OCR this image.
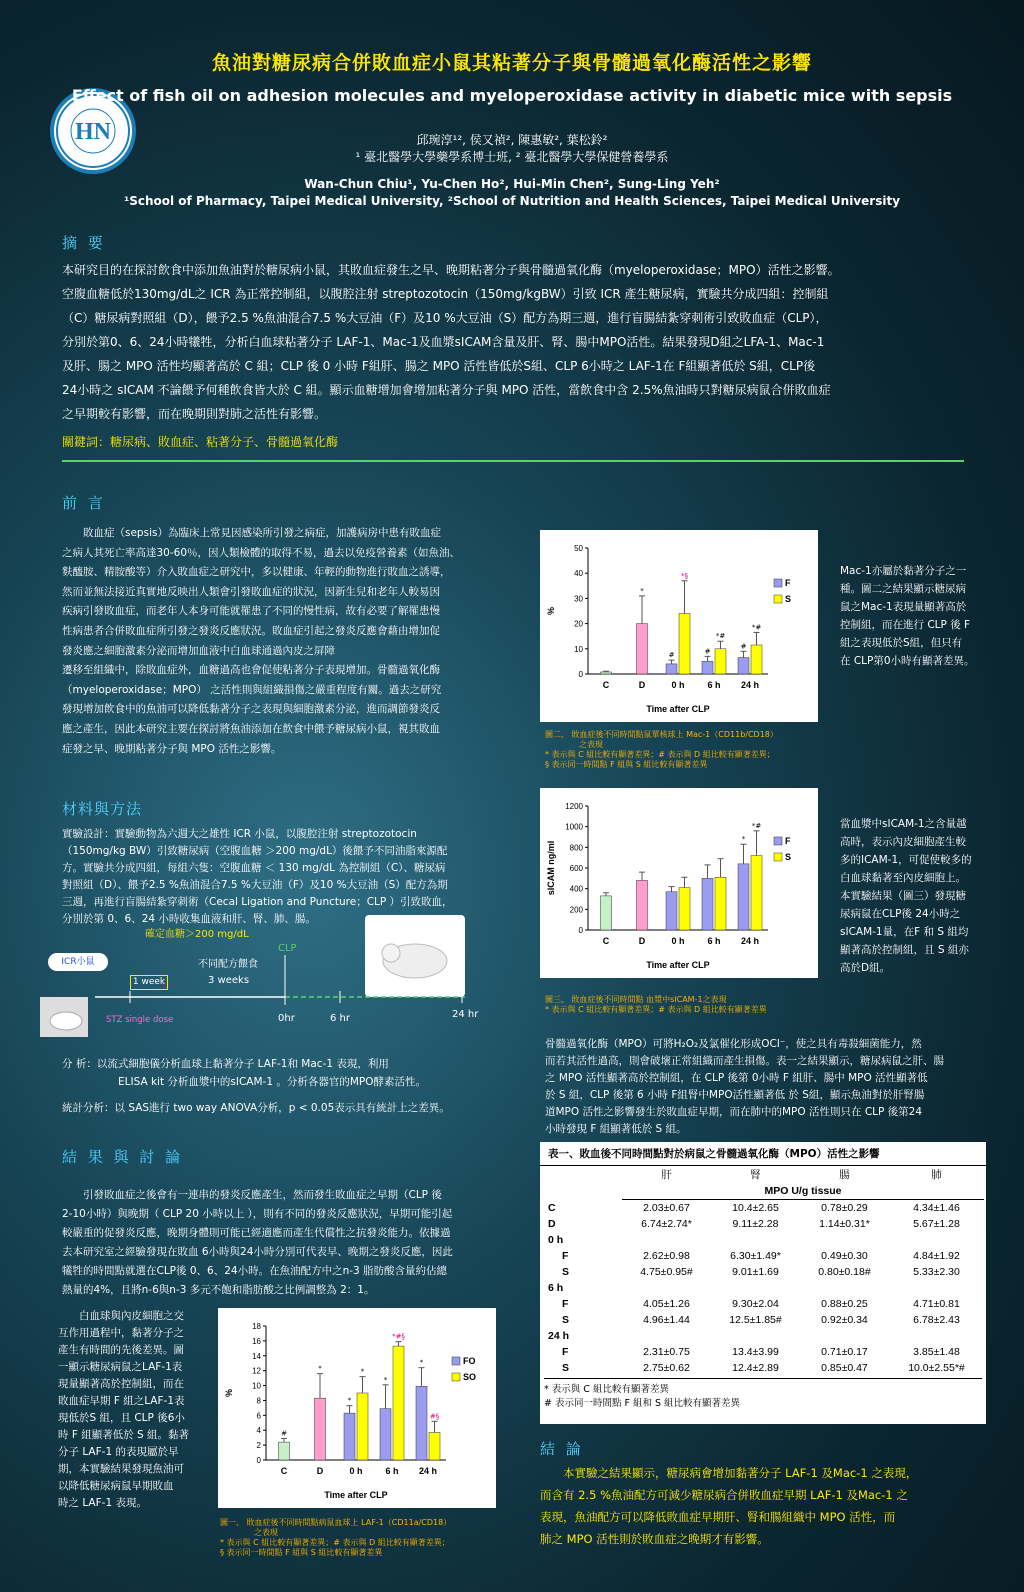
HN
魚油對糖尿病合併敗血症小鼠其粘著分子與骨髓過氧化酶活性之影響
Effect of fish oil on adhesion molecules and myeloperoxidase activity in diabetic mice with sepsis
邱琬淳¹², 侯又禎², 陳惠敏², 葉松鈴²
¹ 臺北醫學大學藥學系博士班, ² 臺北醫學大學保健營養學系
Wan-Chun Chiu¹, Yu-Chen Ho², Hui-Min Chen², Sung-Ling Yeh²
¹School of Pharmacy, Taipei Medical University, ²School of Nutrition and Health Sciences, Taipei Medical University
摘 要
本研究目的在探討飲食中添加魚油對於糖尿病小鼠，其敗血症發生之早、晚期粘著分子與骨髓過氧化酶（myeloperoxidase；MPO）活性之影響。
空腹血糖低於130mg/dL之 ICR 為正常控制組，以腹腔注射 streptozotocin（150mg/kgBW）引致 ICR 產生糖尿病，實驗共分成四組：控制組
（C）糖尿病對照組（D），餵予2.5 %魚油混合7.5 %大豆油（F）及10 %大豆油（S）配方為期三週，進行盲腸結紮穿刺術引致敗血症（CLP），
分別於第0、6、24小時犧牲，分析白血球粘著分子 LAF-1、Mac-1及血漿sICAM含量及肝、腎、腸中MPO活性。結果發現D組之LFA-1、Mac-1
及肝、腸之 MPO 活性均顯著高於 C 組；CLP 後 0 小時 F組肝、腸之 MPO 活性皆低於S組、CLP 6小時之 LAF-1在 F組顯著低於 S組，CLP後
24小時之 sICAM 不論餵予何種飲食皆大於 C 組。顯示血糖增加會增加粘著分子與 MPO 活性，當飲食中含 2.5%魚油時只對糖尿病鼠合併敗血症
之早期較有影響，而在晚期則對肺之活性有影響。
關鍵詞：糖尿病、敗血症、粘著分子、骨髓過氧化酶
前 言
　　敗血症（sepsis）為臨床上常見因感染所引發之病症，加護病房中患有敗血症
之病人其死亡率高達30-60％，因人類檢體的取得不易，過去以免疫營養素（如魚油、
麩醯胺、精胺酸等）介入敗血症之研究中，多以健康、年輕的動物進行敗血之誘導，
然而並無法接近真實地反映出人類會引發敗血症的狀況，因新生兒和老年人較易因
疾病引發敗血症，而老年人本身可能就罹患了不同的慢性病，故有必要了解罹患慢
性病患者合併敗血症所引發之發炎反應狀況。敗血症引起之發炎反應會藉由增加促
發炎應之細胞激素分泌而增加血液中白血球通過內皮之屏障
遷移至組織中，除敗血症外，血糖過高也會促使粘著分子表現增加。骨髓過氧化酶
（myeloperoxidase；MPO） 之活性則與組織損傷之嚴重程度有關。過去之研究
發現增加飲食中的魚油可以降低黏著分子之表現與細胞激素分泌，進而調節發炎反
應之產生，因此本研究主要在探討將魚油添加在飲食中餵予糖尿病小鼠，視其敗血
症發之早、晚期粘著分子與 MPO 活性之影響。
材料與方法
實驗設計：實驗動物為六週大之雄性 ICR 小鼠，以腹腔注射 streptozotocin
（150mg/kg BW）引致糖尿病（空腹血糖 ＞200 mg/dL）後餵予不同油脂來源配
方。實驗共分成四組，每組六隻：空腹血糖 ＜ 130 mg/dL 為控制組（C）、糖尿病
對照組（D）、餵予2.5 %魚油混合7.5 %大豆油（F）及10 %大豆油（S）配方為期
三週，再進行盲腸結紮穿刺術（Cecal Ligation and Puncture；CLP ）引致敗血，
分別於第 0、6、24 小時收集血液和肝、腎、肺、腸。
確定血糖＞200 mg/dL
ICR小鼠
1 week
不同配方餵食
3 weeks
CLP
STZ single dose	0hr	6 hr	24 hr
分 析：以流式細胞儀分析血球上黏著分子 LAF-1和 Mac-1 表現，利用
ELISA kit 分析血漿中的sICAM-1 。分析各器官的MPO酵素活性。
統計分析：以 SAS進行 two way ANOVA分析，p < 0.05表示具有統計上之差異。
結 果 與 討 論
　　引發敗血症之後會有一連串的發炎反應產生，然而發生敗血症之早期（CLP 後
2-10小時）與晚期（ CLP 20 小時以上 ），則有不同的發炎反應狀況，早期可能引起
較嚴重的促發炎反應，晚期身體則可能已經適應而產生代償性之抗發炎能力。依據過
去本研究室之經驗發現在敗血 6小時與24小時分別可代表早、晚期之發炎反應，因此
犧牲的時間點就選在CLP後 0、6、24小時。在魚油配方中之n-3 脂肪酸含量約佔總
熱量的4%，且將n-6與n-3 多元不飽和脂肪酸之比例調整為 2：1。
　　白血球與內皮細胞之交
互作用過程中，黏著分子之
產生有時間的先後差異。圖
一顯示糖尿病鼠之LAF-1表
現量顯著高於控制組，而在
敗血症早期 F 組之LAF-1表
現低於S 組，且 CLP 後6小
時 F 組顯著低於 S 組。黏著
分子 LAF-1 的表現屬於早
期，本實驗結果發現魚油可
以降低糖尿病鼠早期敗血
時之 LAF-1 表現。
0
2
4
6
8
10
12
14
16
18
%
Time after CLP
C
#
D
*
0 h
*
*
6 h
*
*#§
24 h
*
#§
FO
SO
圖一、 敗血症後不同時間點病鼠血球上 LAF-1（CD11a/CD18）
之表現
* 表示與 C 組比較有顯著差異；# 表示與 D 組比較有顯著差異；
§ 表示同一時間點 F 組與 S 組比較有顯著差異
0
10
20
30
40
50
%
Time after CLP
C	D
*
0 h
#
*§
6 h
#
*#
24 h
#
*#
F
S
圖二、 敗血症後不同時間點鼠單核球上 Mac-1（CD11b/CD18）
之表現
* 表示與 C 組比較有顯著差異；# 表示與 D 組比較有顯著差異；
§ 表示同一時間點 F 組與 S 組比較有顯著差異
Mac-1亦屬於黏著分子之一
種。圖二之結果顯示糖尿病
鼠之Mac-1表現量顯著高於
控制組，而在進行 CLP 後 F
組之表現低於S組，但只有
在 CLP第0小時有顯著差異。
0
200
400
600
800
1000
1200
sICAM ng/ml
Time after CLP
C	D	0 h	6 h 24 h
*
*#
F
S
圖三、 敗血症後不同時間點 血漿中sICAM-1之表現
* 表示與 C 組比較有顯著差異；# 表示與 D 組比較有顯著差異
當血漿中sICAM-1之含量越
高時，表示內皮細胞產生較
多的ICAM-1，可促使較多的
白血球黏著至內皮細胞上。
本實驗結果（圖三）發現糖
尿病鼠在CLP後 24小時之
sICAM-1量，在F 和 S 組均
顯著高於控制組，且 S 組亦
高於D組。
骨髓過氧化酶（MPO）可將H₂O₂及氯催化形成OCl⁻，使之具有毒殺細菌能力，然
而若其活性過高，則會破壞正常組織而產生損傷。表一之結果顯示，糖尿病鼠之肝、腸
之 MPO 活性顯著高於控制組，在 CLP 後第 0小時 F 組肝、腸中 MPO 活性顯著低
於 S 組，CLP 後第 6 小時 F組腎中MPO活性顯著低 於 S組，顯示魚油對於肝腎腸
道MPO 活性之影響發生於敗血症早期，而在肺中的MPO 活性則只在 CLP 後第24
小時發現 F 組顯著低於 S 組。
表一、敗血後不同時間點對於病鼠之骨髓過氧化酶（MPO）活性之影響
	肝	腎	腸	肺
	MPO U/g tissue			
C	2.03±0.67	10.4±2.65	0.78±0.29	4.34±1.46
D	6.74±2.74*	9.11±2.28	1.14±0.31*	5.67±1.28
0 h				
F	2.62±0.98	6.30±1.49*	0.49±0.30	4.84±1.92
S	4.75±0.95#	9.01±1.69	0.80±0.18#	5.33±2.30
6 h				
F	4.05±1.26	9.30±2.04	0.88±0.25	4.71±0.81
S	4.96±1.44	12.5±1.85#	0.92±0.34	6.78±2.43
24 h				
F	2.31±0.75	13.4±3.99	0.71±0.17	3.85±1.48
S	2.75±0.62	12.4±2.89	0.85±0.47	10.0±2.55*#
* 表示與 C 組比較有顯著差異
# 表示同一時間點 F 組和 S 組比較有顯著差異
結 論
　　本實驗之結果顯示，糖尿病會增加黏著分子 LAF-1 及Mac-1 之表現，
而含有 2.5 %魚油配方可減少糖尿病合併敗血症早期 LAF-1 及Mac-1 之
表現，魚油配方可以降低敗血症早期肝、腎和腸組織中 MPO 活性，而
肺之 MPO 活性則於敗血症之晚期才有影響。
